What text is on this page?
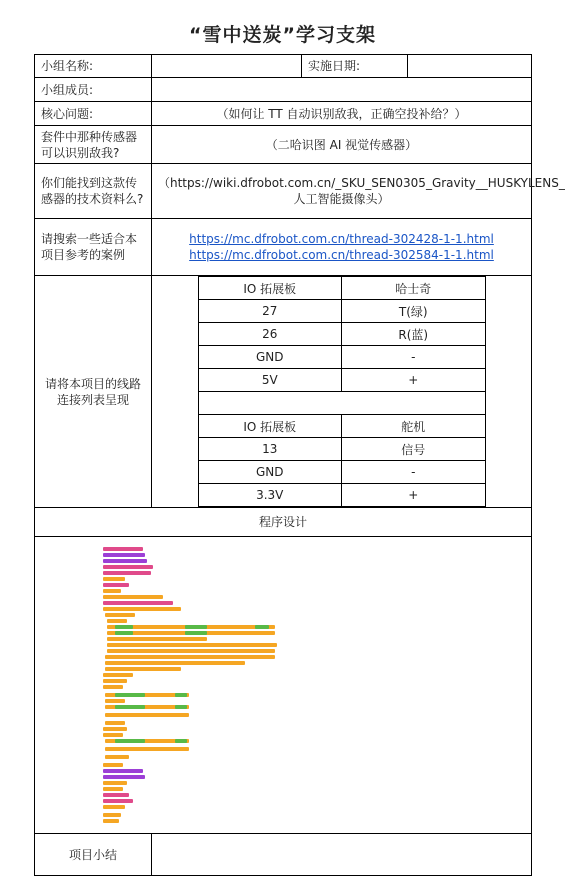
“雪中送炭”学习支架
小组名称:		实施日期:	
小组成员:	
核心问题:	（如何让 TT 自动识别敌我，正确空投补给？）
套件中那种传感器可以识别敌我?	（二哈识图 AI 视觉传感器）
你们能找到这款传感器的技术资料么?	（https://wiki.dfrobot.com.cn/_SKU_SEN0305_Gravity__HUSKYLENS_人工智能摄像头）
请搜索一些适合本项目参考的案例	https://mc.dfrobot.com.cn/thread-302428-1-1.html
https://mc.dfrobot.com.cn/thread-302584-1-1.html
请将本项目的线路连接列表呈现	
IO 拓展板	哈士奇
27	T(绿)
26	R(蓝)
GND	-
5V	+

IO 拓展板	舵机
13	信号
GND	-
3.3V	+

程序设计

项目小结	
